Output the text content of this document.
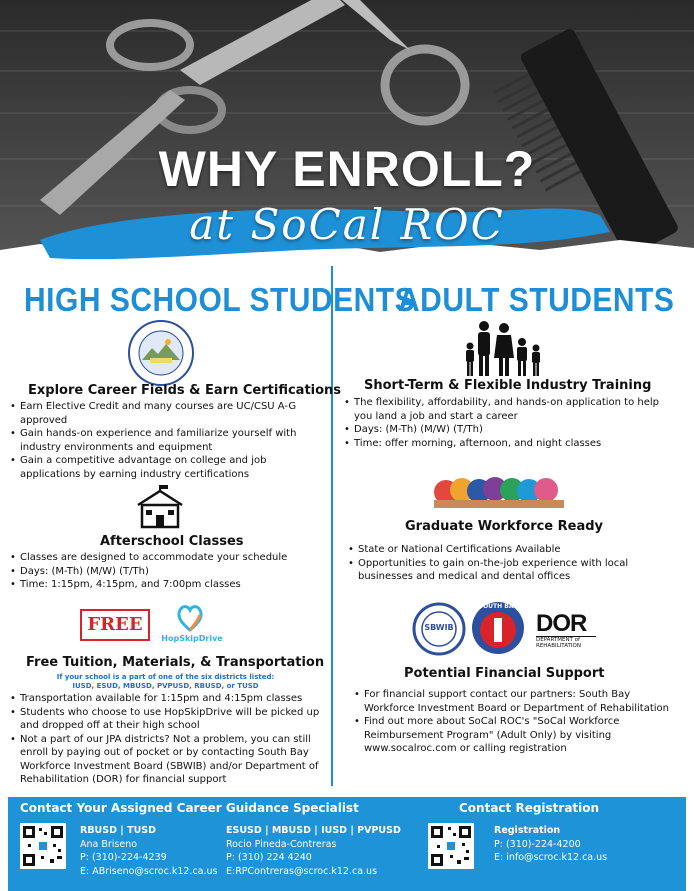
WHY ENROLL?
at SoCal ROC
HIGH SCHOOL STUDENTS
Explore Career Fields & Earn Certifications
• Earn Elective Credit and many courses are UC/CSU A-G approved
• Gain hands-on experience and familiarize yourself with industry environments and equipment
• Gain a competitive advantage on college and job applications by earning industry certifications
Afterschool Classes
• Classes are designed to accommodate your schedule
• Days: (M-Th) (M/W) (T/Th)
• Time: 1:15pm, 4:15pm, and 7:00pm classes
FREE
HopSkipDrive
Free Tuition, Materials, & Transportation
If your school is a part of one of the six districts listed:
IUSD, ESUD, MBUSD, PVPUSD, RBUSD, or TUSD
• Transportation available for 1:15pm and 4:15pm classes
• Students who choose to use HopSkipDrive will be picked up and dropped off at their high school
• Not a part of our JPA districts? Not a problem, you can still enroll by paying out of pocket or by contacting South Bay Workforce Investment Board (SBWIB) and/or Department of Rehabilitation (DOR) for financial support
ADULT STUDENTS
Short-Term & Flexible Industry Training
• The flexibility, affordability, and hands-on application to help you land a job and start a career
• Days: (M-Th) (M/W) (T/Th)
• Time: offer morning, afternoon, and night classes
Graduate Workforce Ready
• State or National Certifications Available
• Opportunities to gain on-the-job experience with local businesses and medical and dental offices
SBWIB
SOUTH BAY
DOR
DEPARTMENT of
REHABILITATION
Potential Financial Support
• For financial support contact our partners: South Bay Workforce Investment Board or Department of Rehabilitation
• Find out more about SoCal ROC's "SoCal Workforce Reimbursement Program" (Adult Only) by visiting www.socalroc.com or calling registration
Contact Your Assigned Career Guidance Specialist	Contact Registration
RBUSD | TUSD
Ana Briseno
P: (310)-224-4239
E: ABriseno@scroc.k12.ca.us
ESUSD | MBUSD | IUSD | PVPUSD
Rocio Pineda-Contreras
P: (310) 224 4240
E:RPContreras@scroc.k12.ca.us
Registration
P: (310)-224-4200
E: info@scroc.k12.ca.us
